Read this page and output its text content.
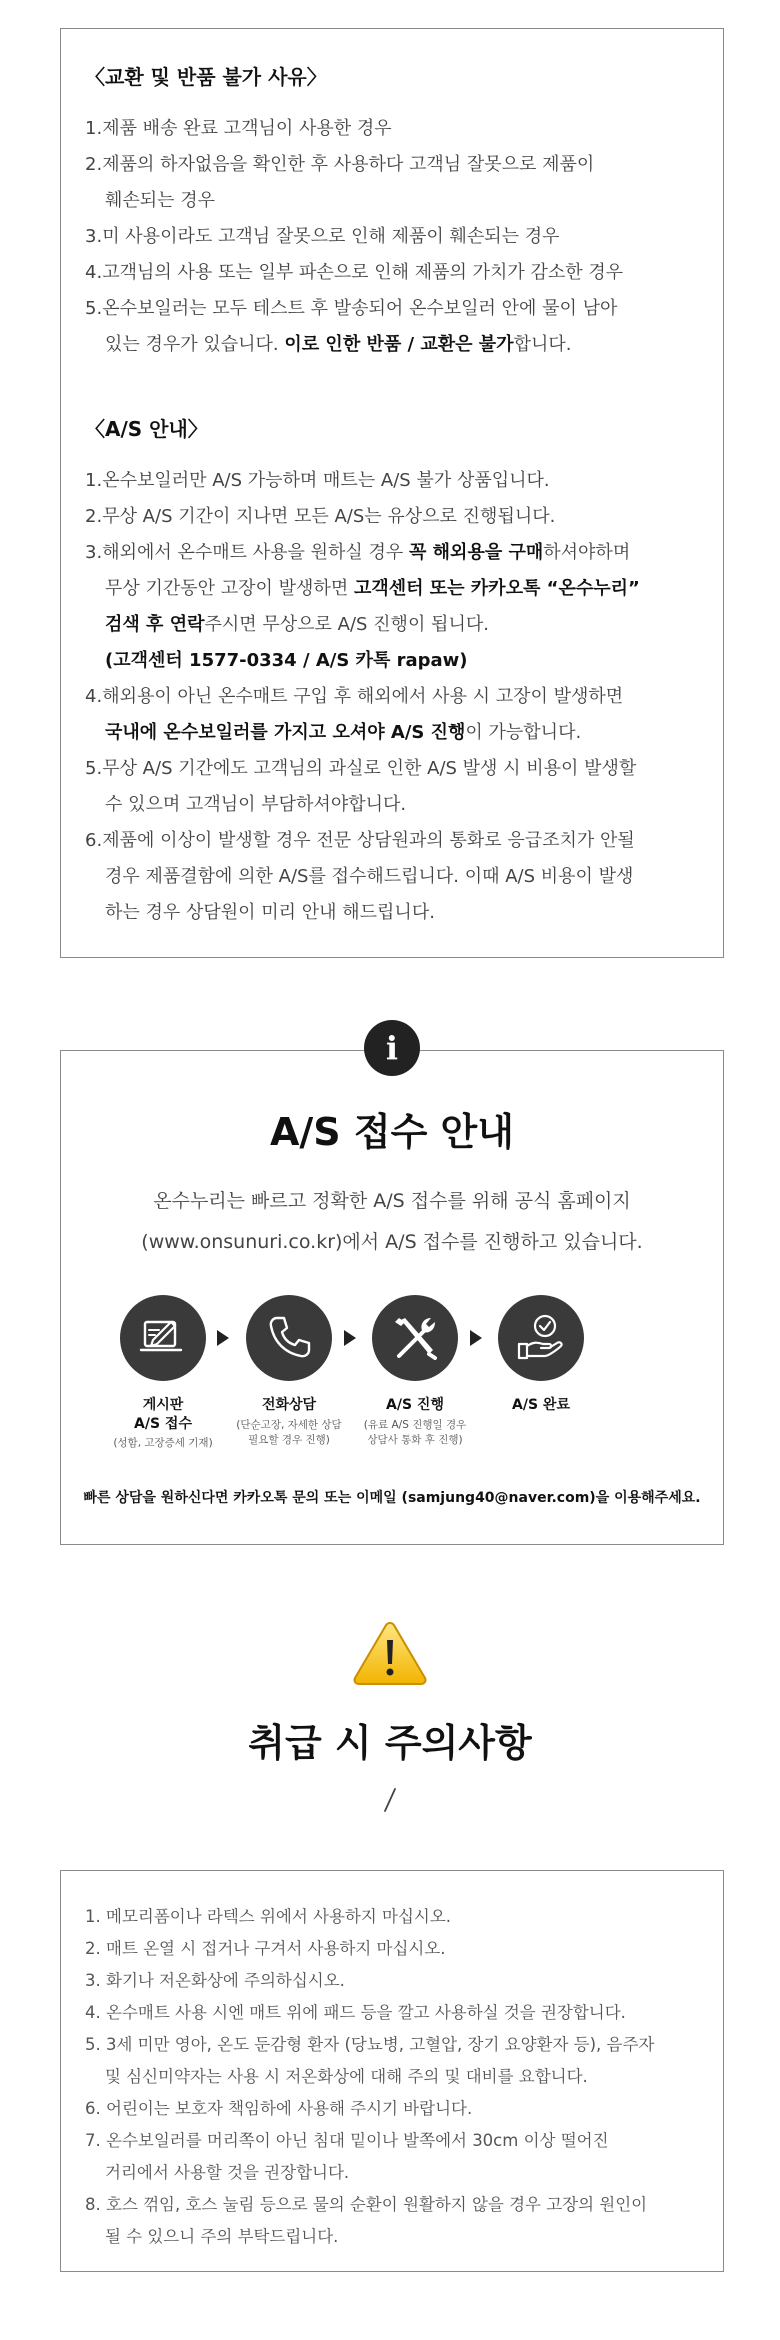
〈교환 및 반품 불가 사유〉
1.제품 배송 완료 고객님이 사용한 경우
2.제품의 하자없음을 확인한 후 사용하다 고객님 잘못으로 제품이
훼손되는 경우
3.미 사용이라도 고객님 잘못으로 인해 제품이 훼손되는 경우
4.고객님의 사용 또는 일부 파손으로 인해 제품의 가치가 감소한 경우
5.온수보일러는 모두 테스트 후 발송되어 온수보일러 안에 물이 남아
있는 경우가 있습니다. 이로 인한 반품 / 교환은 불가합니다.
〈A/S 안내〉
1.온수보일러만 A/S 가능하며 매트는 A/S 불가 상품입니다.
2.무상 A/S 기간이 지나면 모든 A/S는 유상으로 진행됩니다.
3.해외에서 온수매트 사용을 원하실 경우 꼭 해외용을 구매하셔야하며
무상 기간동안 고장이 발생하면 고객센터 또는 카카오톡 “온수누리”
검색 후 연락주시면 무상으로 A/S 진행이 됩니다.
(고객센터 1577-0334 / A/S 카톡 rapaw)
4.해외용이 아닌 온수매트 구입 후 해외에서 사용 시 고장이 발생하면
국내에 온수보일러를 가지고 오셔야 A/S 진행이 가능합니다.
5.무상 A/S 기간에도 고객님의 과실로 인한 A/S 발생 시 비용이 발생할
수 있으며 고객님이 부담하셔야합니다.
6.제품에 이상이 발생할 경우 전문 상담원과의 통화로 응급조치가 안될
경우 제품결함에 의한 A/S를 접수해드립니다. 이때 A/S 비용이 발생
하는 경우 상담원이 미리 안내 해드립니다.
A/S 접수 안내
온수누리는 빠르고 정확한 A/S 접수를 위해 공식 홈페이지
(www.onsunuri.co.kr)에서 A/S 접수를 진행하고 있습니다.
게시판
A/S 접수
(성함, 고장증세 기재)
전화상담
(단순고장, 자세한 상담
필요할 경우 진행)
A/S 진행
(유료 A/S 진행일 경우
상담사 통화 후 진행)
A/S 완료
빠른 상담을 원하신다면 카카오톡 문의 또는 이메일 (samjung40@naver.com)을 이용해주세요.
i
취급 시 주의사항
1. 메모리폼이나 라텍스 위에서 사용하지 마십시오.
2. 매트 온열 시 접거나 구겨서 사용하지 마십시오.
3. 화기나 저온화상에 주의하십시오.
4. 온수매트 사용 시엔 매트 위에 패드 등을 깔고 사용하실 것을 권장합니다.
5. 3세 미만 영아, 온도 둔감형 환자 (당뇨병, 고혈압, 장기 요양환자 등), 음주자
및 심신미약자는 사용 시 저온화상에 대해 주의 및 대비를 요합니다.
6. 어린이는 보호자 책임하에 사용해 주시기 바랍니다.
7. 온수보일러를 머리쪽이 아닌 침대 밑이나 발쪽에서 30cm 이상 떨어진
거리에서 사용할 것을 권장합니다.
8. 호스 꺾임, 호스 눌림 등으로 물의 순환이 원활하지 않을 경우 고장의 원인이
될 수 있으니 주의 부탁드립니다.
